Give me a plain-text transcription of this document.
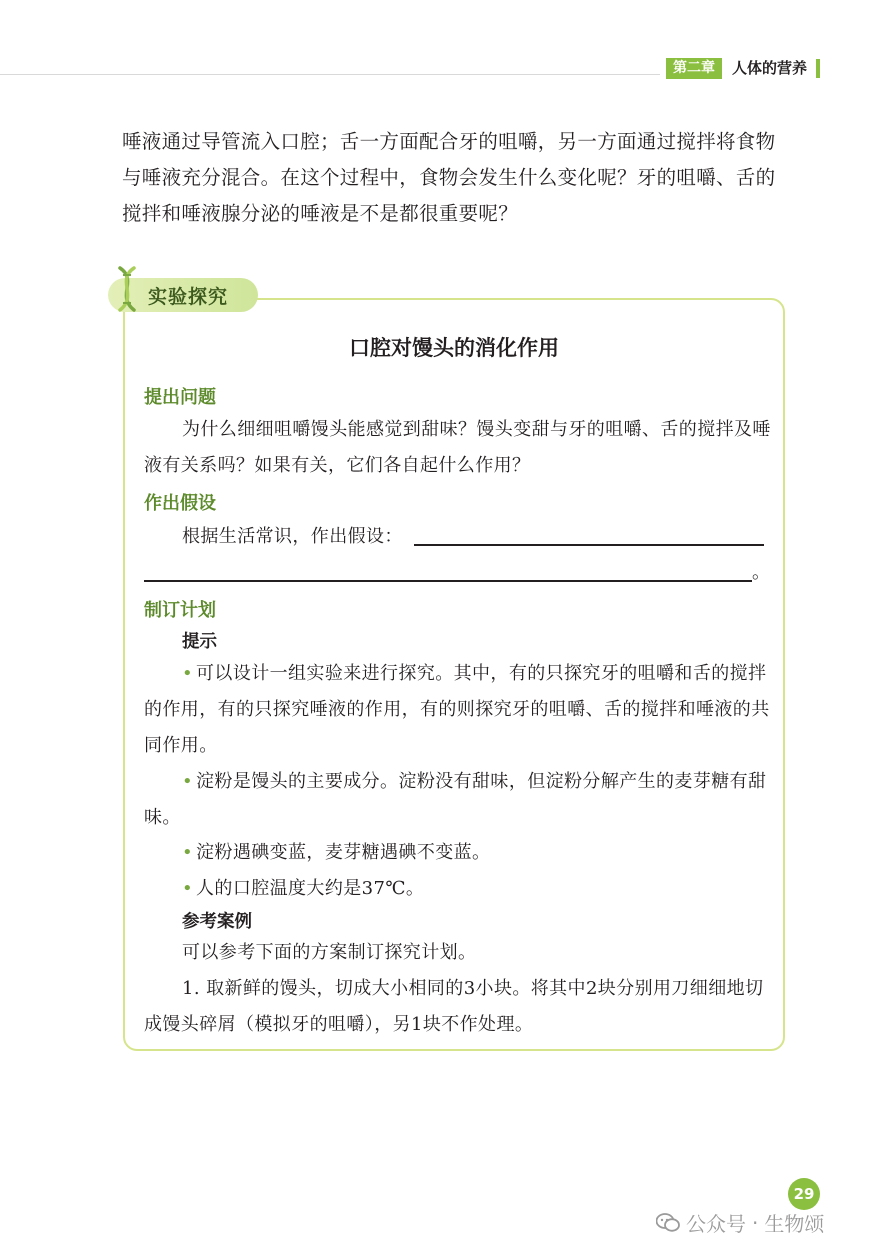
第二章	人体的营养
唾液通过导管流入口腔；舌一方面配合牙的咀嚼，另一方面通过搅拌将食物与唾液充分混合。在这个过程中，食物会发生什么变化呢？牙的咀嚼、舌的搅拌和唾液腺分泌的唾液是不是都很重要呢？
实验探究
口腔对馒头的消化作用
提出问题
为什么细细咀嚼馒头能感觉到甜味？馒头变甜与牙的咀嚼、舌的搅拌及唾液有关系吗？如果有关，它们各自起什么作用？
作出假设
根据生活常识，作出假设：
。
制订计划
提示
• 可以设计一组实验来进行探究。其中，有的只探究牙的咀嚼和舌的搅拌的作用，有的只探究唾液的作用，有的则探究牙的咀嚼、舌的搅拌和唾液的共同作用。
• 淀粉是馒头的主要成分。淀粉没有甜味，但淀粉分解产生的麦芽糖有甜味。
• 淀粉遇碘变蓝，麦芽糖遇碘不变蓝。
• 人的口腔温度大约是37℃。
参考案例
可以参考下面的方案制订探究计划。
1. 取新鲜的馒头，切成大小相同的3小块。将其中2块分别用刀细细地切成馒头碎屑（模拟牙的咀嚼），另1块不作处理。
29
公众号 · 生物颂
